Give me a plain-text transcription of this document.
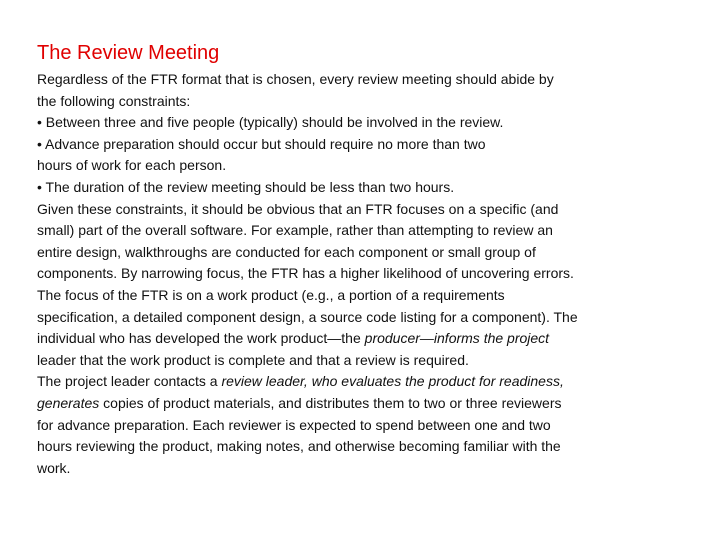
The Review Meeting
Regardless of the FTR format that is chosen, every review meeting should abide by
the following constraints:
• Between three and five people (typically) should be involved in the review.
• Advance preparation should occur but should require no more than two
hours of work for each person.
• The duration of the review meeting should be less than two hours.
Given these constraints, it should be obvious that an FTR focuses on a specific (and
small) part of the overall software. For example, rather than attempting to review an
entire design, walkthroughs are conducted for each component or small group of
components. By narrowing focus, the FTR has a higher likelihood of uncovering errors.
The focus of the FTR is on a work product (e.g., a portion of a requirements
specification, a detailed component design, a source code listing for a component). The
individual who has developed the work product—the producer—informs the project
leader that the work product is complete and that a review is required.
The project leader contacts a review leader, who evaluates the product for readiness,
generates copies of product materials, and distributes them to two or three reviewers
for advance preparation. Each reviewer is expected to spend between one and two
hours reviewing the product, making notes, and otherwise becoming familiar with the
work.
